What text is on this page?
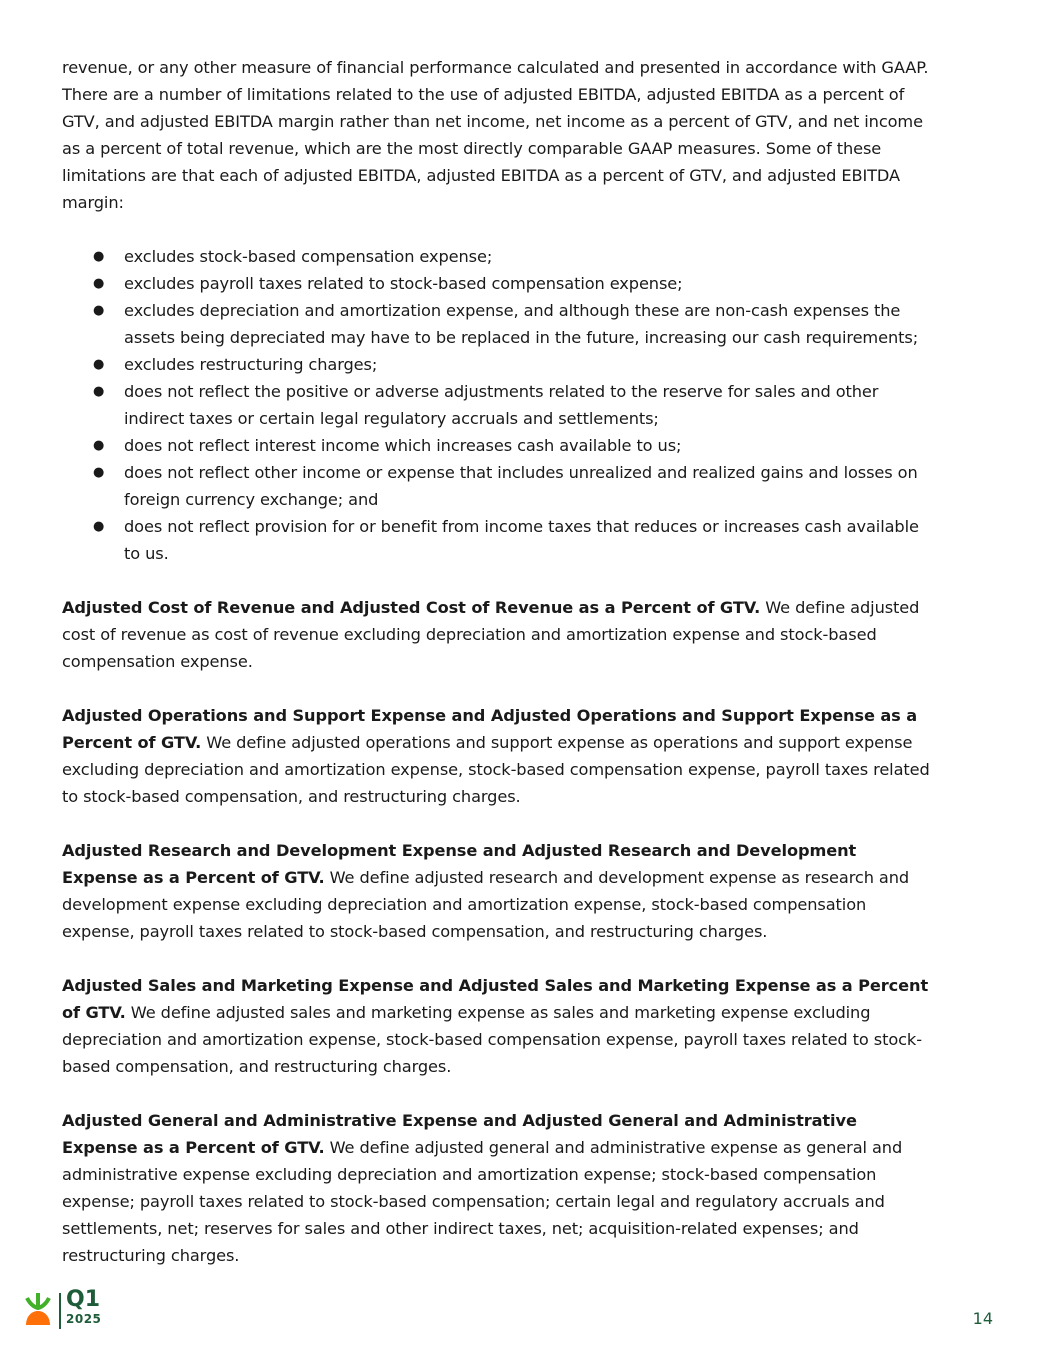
revenue, or any other measure of financial performance calculated and presented in accordance with GAAP. There are a number of limitations related to the use of adjusted EBITDA, adjusted EBITDA as a percent of GTV, and adjusted EBITDA margin rather than net income, net income as a percent of GTV, and net income as a percent of total revenue, which are the most directly comparable GAAP measures. Some of these limitations are that each of adjusted EBITDA, adjusted EBITDA as a percent of GTV, and adjusted EBITDA margin:

● excludes stock-based compensation expense;
● excludes payroll taxes related to stock-based compensation expense;
● excludes depreciation and amortization expense, and although these are non-cash expenses the assets being depreciated may have to be replaced in the future, increasing our cash requirements;
● excludes restructuring charges;
● does not reflect the positive or adverse adjustments related to the reserve for sales and other indirect taxes or certain legal regulatory accruals and settlements;
● does not reflect interest income which increases cash available to us;
● does not reflect other income or expense that includes unrealized and realized gains and losses on foreign currency exchange; and
● does not reflect provision for or benefit from income taxes that reduces or increases cash available to us.

Adjusted Cost of Revenue and Adjusted Cost of Revenue as a Percent of GTV. We define adjusted cost of revenue as cost of revenue excluding depreciation and amortization expense and stock-based compensation expense.

Adjusted Operations and Support Expense and Adjusted Operations and Support Expense as a Percent of GTV. We define adjusted operations and support expense as operations and support expense excluding depreciation and amortization expense, stock-based compensation expense, payroll taxes related to stock-based compensation, and restructuring charges.

Adjusted Research and Development Expense and Adjusted Research and Development Expense as a Percent of GTV. We define adjusted research and development expense as research and development expense excluding depreciation and amortization expense, stock-based compensation expense, payroll taxes related to stock-based compensation, and restructuring charges.

Adjusted Sales and Marketing Expense and Adjusted Sales and Marketing Expense as a Percent of GTV. We define adjusted sales and marketing expense as sales and marketing expense excluding depreciation and amortization expense, stock-based compensation expense, payroll taxes related to stock-based compensation, and restructuring charges.

Adjusted General and Administrative Expense and Adjusted General and Administrative Expense as a Percent of GTV. We define adjusted general and administrative expense as general and administrative expense excluding depreciation and amortization expense; stock-based compensation expense; payroll taxes related to stock-based compensation; certain legal and regulatory accruals and settlements, net; reserves for sales and other indirect taxes, net; acquisition-related expenses; and restructuring charges.

Q1
2025	14
